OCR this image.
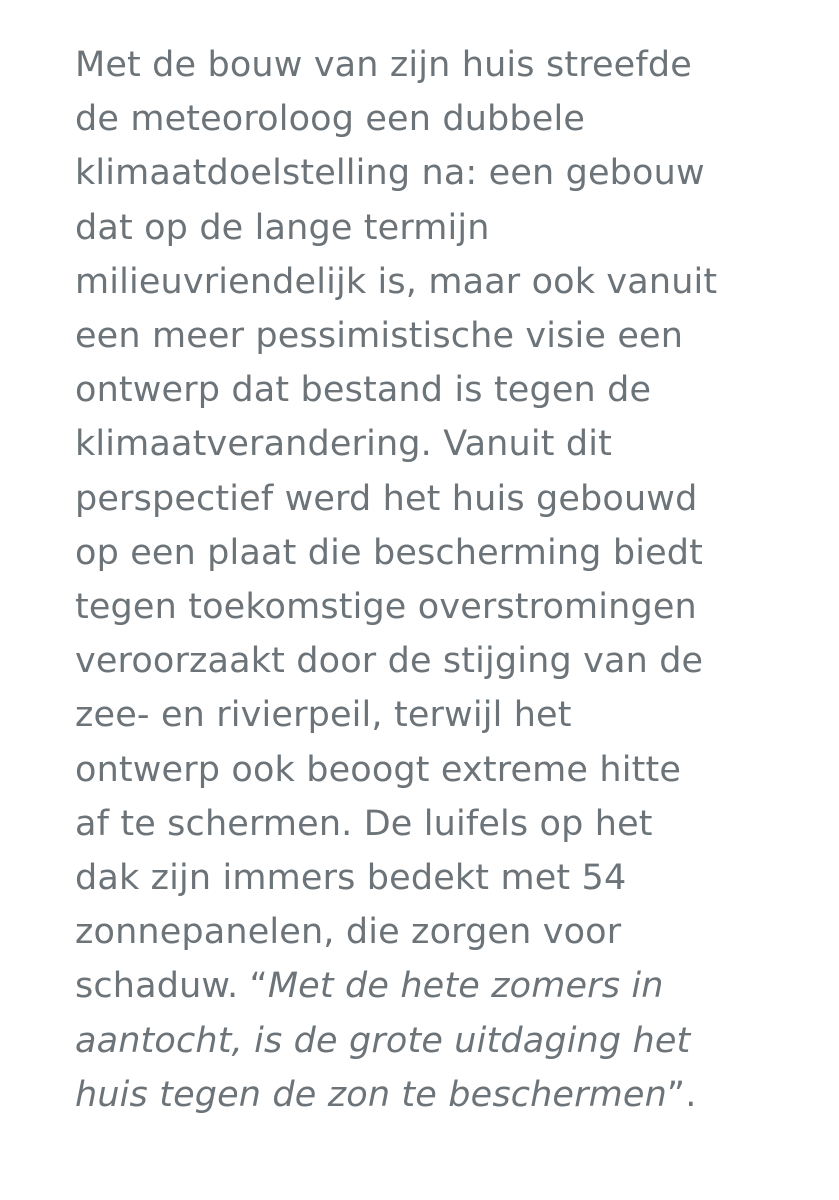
Met de bouw van zijn huis streefde
de meteoroloog een dubbele
klimaatdoelstelling na: een gebouw
dat op de lange termijn
milieuvriendelijk is, maar ook vanuit
een meer pessimistische visie een
ontwerp dat bestand is tegen de
klimaatverandering. Vanuit dit
perspectief werd het huis gebouwd
op een plaat die bescherming biedt
tegen toekomstige overstromingen
veroorzaakt door de stijging van de
zee- en rivierpeil, terwijl het
ontwerp ook beoogt extreme hitte
af te schermen. De luifels op het
dak zijn immers bedekt met 54
zonnepanelen, die zorgen voor
schaduw. “Met de hete zomers in
aantocht, is de grote uitdaging het
huis tegen de zon te beschermen”.
